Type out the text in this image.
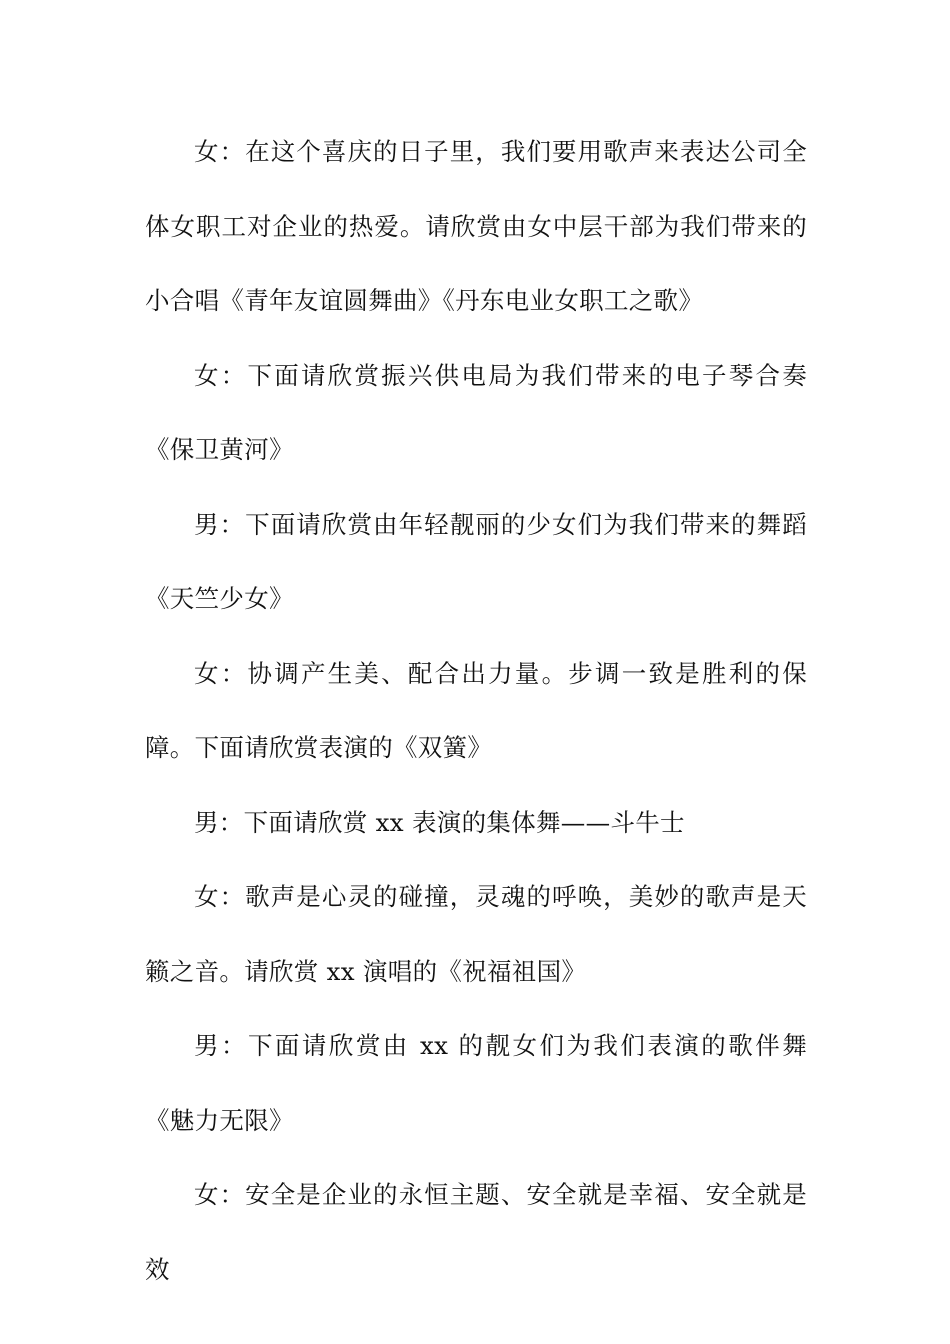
女：在这个喜庆的日子里，我们要用歌声来表达公司全体女职工对企业的热爱。请欣赏由女中层干部为我们带来的小合唱《青年友谊圆舞曲》《丹东电业女职工之歌》

女：下面请欣赏振兴供电局为我们带来的电子琴合奏《保卫黄河》

男：下面请欣赏由年轻靓丽的少女们为我们带来的舞蹈《天竺少女》

女：协调产生美、配合出力量。步调一致是胜利的保障。下面请欣赏表演的《双簧》

男：下面请欣赏 xx 表演的集体舞——斗牛士

女：歌声是心灵的碰撞，灵魂的呼唤，美妙的歌声是天籁之音。请欣赏 xx 演唱的《祝福祖国》

男：下面请欣赏由 xx 的靓女们为我们表演的歌伴舞《魅力无限》

女：安全是企业的永恒主题、安全就是幸福、安全就是效
